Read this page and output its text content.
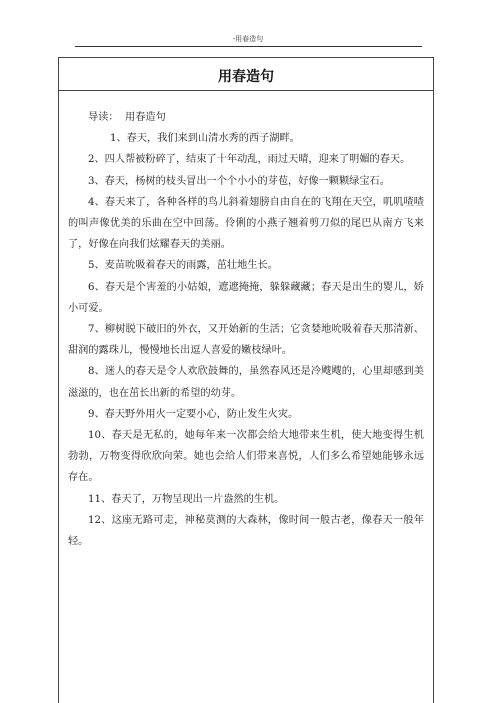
-用春造句
用春造句

导读： 用春造句

1、春天，我们来到山清水秀的西子湖畔。

2、四人帮被粉碎了，结束了十年动乱，雨过天晴，迎来了明媚的春天。

3、春天，杨树的枝头冒出一个个小小的芽苞，好像一颗颗绿宝石。

4、春天来了，各种各样的鸟儿斜着翅膀自由自在的飞翔在天空，叽叽喳喳的叫声像优美的乐曲在空中回荡。伶俐的小燕子翘着剪刀似的尾巴从南方飞来了，好像在向我们炫耀春天的美丽。

5、麦苗吮吸着春天的雨露，茁壮地生长。

6、春天是个害羞的小姑娘，遮遮掩掩，躲躲藏藏；春天是出生的婴儿，娇小可爱。

7、柳树脱下破旧的外衣，又开始新的生活；它贪婪地吮吸着春天那清新、甜润的露珠儿，慢慢地长出逗人喜爱的嫩枝绿叶。

8、迷人的春天是令人欢欣鼓舞的，虽然春风还是冷飕飕的，心里却感到美滋滋的，也在茁长出新的希望的幼芽。

9、春天野外用火一定要小心，防止发生火灾。

10、春天是无私的，她每年来一次都会给大地带来生机，使大地变得生机勃勃，万物变得欣欣向荣。她也会给人们带来喜悦，人们多么希望她能够永远存在。

11、春天了，万物呈现出一片盎然的生机。

12、这座无路可走，神秘莫测的大森林，像时间一般古老，像春天一般年轻。
